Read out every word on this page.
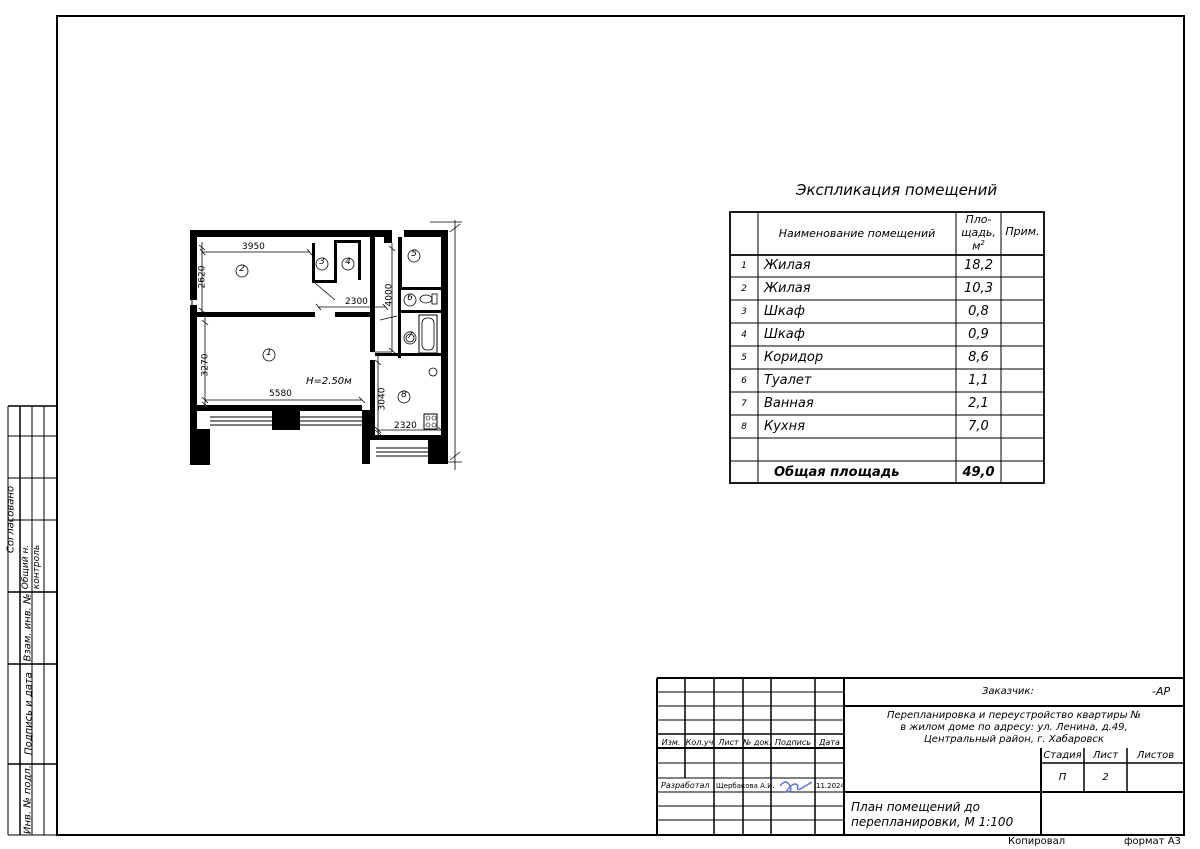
3950
2620
2300 4000
3270
5580	3040
2320
H=2.50м
2
3	4
5
6
7
1
8
Экспликация помещений
Наименование помещений
Пло-
щадь,
$м^2$
Прим.
1	Жилая	18,2
2	Жилая	10,3
3	Шкаф	0,8
4	Шкаф	0,9
5	Коридор	8,6
6	Туалет	1,1
7	Ванная	2,1
8	Кухня	7,0
Общая площадь	49,0
Согласовано
Общий н. контроль
Взам. инв. №
Подпись и дата
Инв. № подл.
Заказчик:	-АР
Перепланировка и переустройство квартиры №
в жилом доме по адресу: ул. Ленина, д.49,
Центральный район, г. Хабаровск
Изм. Кол.уч Лист № док. Подпись	Дата
Стадия	Лист	Листов
П	2
Разработал Щербакова А.И.	11.2024
План помещений до
перепланировки, М 1:100
Копировал	формат А3
